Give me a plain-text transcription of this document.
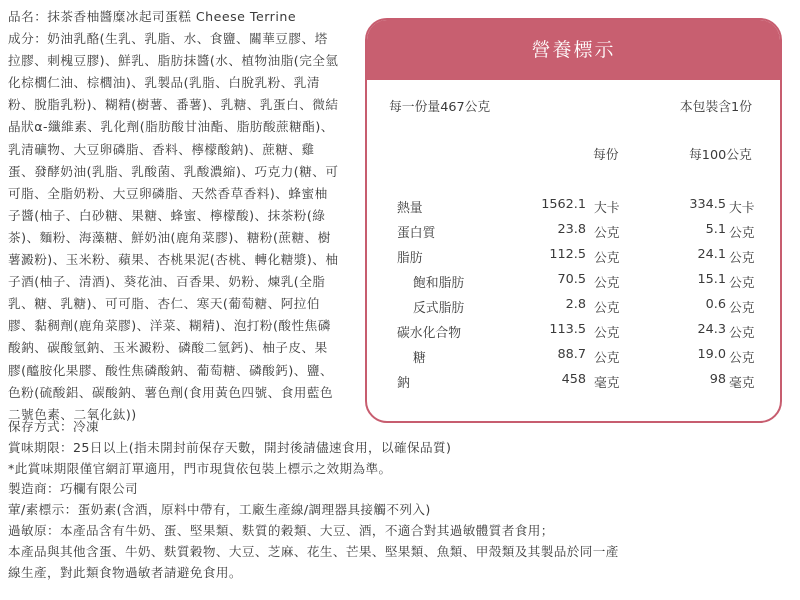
品名：抹茶香柚醬糜冰起司蛋糕 Cheese Terrine

成分：奶油乳酪(生乳、乳脂、水、食鹽、關華豆膠、塔

拉膠、刺槐豆膠)、鮮乳、脂肪抹醬(水、植物油脂(完全氫

化棕櫚仁油、棕櫚油)、乳製品(乳脂、白脫乳粉、乳清

粉、脫脂乳粉)、糊精(樹薯、番薯)、乳糖、乳蛋白、微結

晶狀α-纖維素、乳化劑(脂肪酸甘油酯、脂肪酸蔗糖酯)、

乳清礦物、大豆卵磷脂、香料、檸檬酸鈉)、蔗糖、雞

蛋、發酵奶油(乳脂、乳酸菌、乳酸濃縮)、巧克力(糖、可

可脂、全脂奶粉、大豆卵磷脂、天然香草香料)、蜂蜜柚

子醬(柚子、白砂糖、果糖、蜂蜜、檸檬酸)、抹茶粉(綠

茶)、麵粉、海藻糖、鮮奶油(鹿角菜膠)、糖粉(蔗糖、樹

薯澱粉)、玉米粉、蘋果、杏桃果泥(杏桃、轉化糖漿)、柚

子酒(柚子、清酒)、葵花油、百香果、奶粉、煉乳(全脂

乳、糖、乳糖)、可可脂、杏仁、寒天(葡萄糖、阿拉伯

膠、黏稠劑(鹿角菜膠)、洋菜、糊精)、泡打粉(酸性焦磷

酸鈉、碳酸氫鈉、玉米澱粉、磷酸二氫鈣)、柚子皮、果

膠(醯胺化果膠、酸性焦磷酸鈉、葡萄糖、磷酸鈣)、鹽、

色粉(硫酸鋁、碳酸鈉、薯色劑(食用黃色四號、食用藍色

二號色素、二氧化鈦))

營養標示
每一份量467公克	本包裝含1份
每份	每100公克
熱量	1562.1 大卡	334.5 大卡
蛋白質	23.8 公克	5.1 公克
脂肪	112.5 公克	24.1 公克
飽和脂肪	70.5 公克	15.1 公克
反式脂肪	2.8 公克	0.6 公克
碳水化合物	113.5 公克	24.3 公克
糖	88.7 公克	19.0 公克
鈉	458 毫克	98 毫克

保存方式：冷凍

賞味期限：25日以上(指未開封前保存天數，開封後請儘速食用，以確保品質)

*此賞味期限僅官網訂單適用，門市現貨依包裝上標示之效期為準。

製造商：巧欄有限公司

葷/素標示：蛋奶素(含酒，原料中帶有，工廠生產線/調理器具接觸不列入)

過敏原：本產品含有牛奶、蛋、堅果類、麩質的穀類、大豆、酒，不適合對其過敏體質者食用；

本產品與其他含蛋、牛奶、麩質穀物、大豆、芝麻、花生、芒果、堅果類、魚類、甲殼類及其製品於同一產

線生產，對此類食物過敏者請避免食用。
